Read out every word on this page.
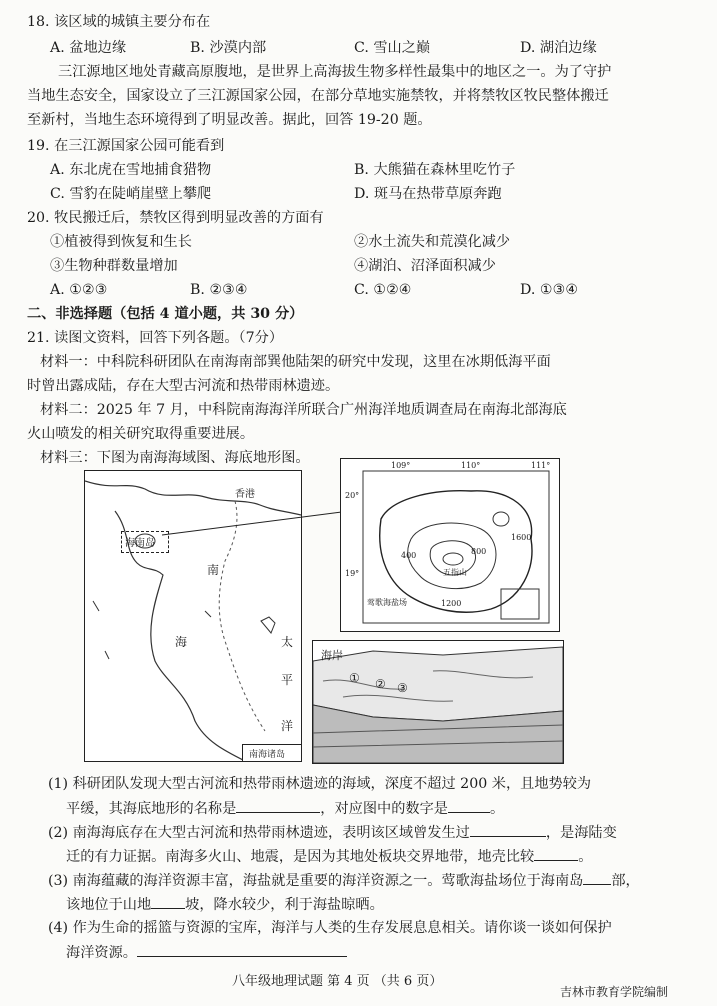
18. 该区域的城镇主要分布在
A. 盆地边缘	B. 沙漠内部	C. 雪山之巅	D. 湖泊边缘
三江源地区地处青藏高原腹地，是世界上高海拔生物多样性最集中的地区之一。为了守护
当地生态安全，国家设立了三江源国家公园，在部分草地实施禁牧，并将禁牧区牧民整体搬迁
至新村，当地生态环境得到了明显改善。据此，回答 19-20 题。
19. 在三江源国家公园可能看到
A. 东北虎在雪地捕食猎物	B. 大熊猫在森林里吃竹子
C. 雪豹在陡峭崖壁上攀爬	D. 斑马在热带草原奔跑
20. 牧民搬迁后，禁牧区得到明显改善的方面有
①植被得到恢复和生长	②水土流失和荒漠化减少
③生物种群数量增加	④湖泊、沼泽面积减少
A. ①②③	B. ②③④	C. ①②④	D. ①③④
二、非选择题（包括 4 道小题，共 30 分）
21. 读图文资料，回答下列各题。（7分）
材料一：中科院科研团队在南海南部巽他陆架的研究中发现，这里在冰期低海平面
时曾出露成陆，存在大型古河流和热带雨林遗迹。
材料二：2025 年 7 月，中科院南海海洋所联合广州海洋地质调查局在南海北部海底
火山喷发的相关研究取得重要进展。
材料三：下图为南海海域图、海底地形图。
海南岛
香港
南
海	太
平
洋
南海诸岛
109°	110°	111°
20°
19°
1600
1200
800
400
五指山
莺歌海盐场
海岸
① ② ③
(1) 科研团队发现大型古河流和热带雨林遗迹的海域，深度不超过 200 米，且地势较为
平缓，其海底地形的名称是	，对应图中的数字是	。
(2) 南海海底存在大型古河流和热带雨林遗迹，表明该区域曾发生过	，是海陆变
迁的有力证据。南海多火山、地震，是因为其地处板块交界地带，地壳比较	。
(3) 南海蕴藏的海洋资源丰富，海盐就是重要的海洋资源之一。莺歌海盐场位于海南岛 部，
该地位于山地 坡，降水较少，利于海盐晾晒。
(4) 作为生命的摇篮与资源的宝库，海洋与人类的生存发展息息相关。请你谈一谈如何保护
海洋资源。
八年级地理试题 第 4 页 （共 6 页）
吉林市教育学院编制
